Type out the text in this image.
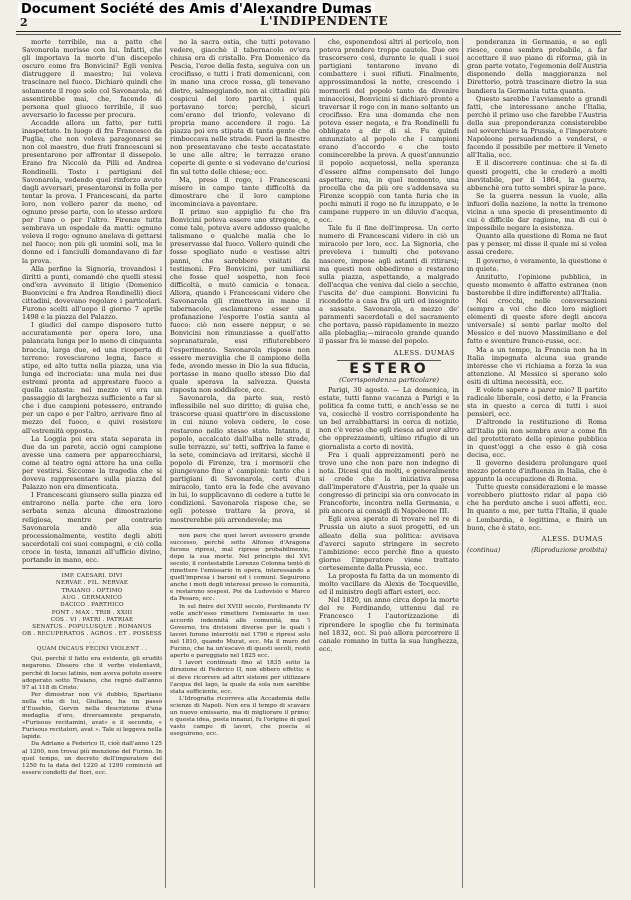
Document Société des Amis d'Alexandre Dumas
2	L'INDIPENDENTE

morte terribile, ma a patto che Savonarola morisse con lui. Infatti, che gli importava la morte d'un discepolo oscuro come fra Bonvicini? Egli veniva distruggere il maestro; lui voleva trascinare nel fuoco. Dichiarò quindi che solamente il rogo solo col Savonarola, né assentirebbe mai, che, facendo di persona quel giuoco terribile, il suo avversario lo facesse per procura.

Accadde allora un fatto, per tutti inaspettato. In luogo di fra Francesco da Puglia, che non voleva paragonarsi se non col maestro, due frati francescani si presentarono per affrontar il dissepolo. Erano fra Niccolò da Pilli ed Andrea Rondinelli. Tosto i partigiani del Savonarola, vedendo quel rinforzo avuto dagli avversari, presentaronsi in folla per tentar la prova. I Francescani, da parte loro, non vollero parer da meno, ed ognuno prese parte, con lo stesso ardore per l'uno o per l'altro. Firenze tutta sembrava un ospedale da matti: ognuno voleva il rogo: ognuno anelava di gettarsi nel fuoco; non più gli uomini soli, ma le donne ed i fanciulli domandavano di far la prova.

Alla perfine la Signoria, trovandosi i diritti a punti, comandò che quelli stessi ond'era avvenuto il litigio (Domenico Buonvicini e fra Andrea Rondinelli) dieci cittadini, dovevano regolare i particolari. Furono scelti all'uopo il giorno 7 aprile 1498 e la piazza del Palazzo.

I giudici del campo disposero tutto accuratamente per opera loro, una palancata lunga per lo meno di cinquanta braccia, larga due, ed una ricoperta di terreno: rovesciarono legna, fasce e stipe, ed alto tutta nella piazza, una via lunga ed incrociata: una mula nei due estremi pronta ad apprestare fuoco a quella catasta: nel mezzo vi era un passaggio di larghezza sufficiente a far sì che i due campioni potessero, entrando per un capo e per l'altro, arrivare fino al mezzo del fuoco, e quivi resistere all'estremità opposta.

La Loggia poi era stata separata in due da un parete, acciò ogni campione avesse una camera per apparecchiarsi, come al teatro ogni attore ha una cella per vestirsi. Siccome la tragedia che si doveva rappresentare sulla piazza del Palazzo non era dimenticata.

I Francescani giunsero sulla piazza ed entrarono nella parte che era loro serbata senza alcuna dimostrazione religiosa, mentre per contrario Savonarola andò alla sua processionalmente, vestito degli abiti sacerdotali coi suoi compagni, e ciò colla croce in testa, innanzi all'ufficio divino, portando in mano, ecc.

IMP. CAESARI. DIVI
NERVAE . FIL. NERVAE
TRAIANO . OPTIMO
AUG . GERMANICO
DACICO . PARTHICO
PONT . MAX . TRIB . XXIII
COS . VI . PATRI . PATRIAE
SENATUS . POPULUSQUE . ROMANUS
OB . RECUPERATOS . AGROS . ET . POSSESS . .
QUAM INCAUS FECINI VIOLENT . .

Qui, perchè il fatto era evidente, gli eruditi negarono. Dissero che il verbo violentavit, perchè di locus latinis, non aveva potuto essere adoperato sotto Traiano, che regnò dall'anno 97 al 118 di Cristo.

Per dimostrar non v'è dubbio, Spartiano nella vita di lui, Giuliano, ha un passo d'Eusebio, Gervin nella descrizione d'una medaglia d'oro, diversamente preparato, «Furisous recitamini, avat» e il secondo, « Furisous recitatori, avat ». Tale si leggeva nella lapide.

Da Adriano a Federico II, cioè dall'anno 125 al 1200, non trovai più menzione del Furino. In quel tempo, un decreto dell'imperatore del 1250 fu la data del 1220 al 1290 cominciò ad essere condotti da' fiori, ecc.

no la sacra ostia, che tutti potevano vedere, giacchè il tabernacolo ov'era chiusa era di cristallo. Fra Domenico da Pescia, l'eroe della festa, seguiva con un crocifisso, e tutti i frati domenicani, con in mano una croce rossa, gli tenevano dietro, salmeggiando, non ai cittadini più cospicui del loro partito, i quali portavano torce; perchè, sicuri com'erano del trionfo, volevano di propria mano accendere il rogo. La piazza poi era stipata di tanta gente che rimboccava nelle strade. Fuori la finestre non presentavano che teste accatastate le une alle altre; le terrazze erano coperte di gente e si vedevano de'curiosi fin sul tetto delle chiese; ecc.

Ma, preso il rogo, i Francescani misero in campo tante difficoltà da dimostrare che il loro campione incominciava a paventare.

Il primo suo appiglio fu che fra Bonvicini poteva essere uno stregone, e, come tale, poteva avere addosso qualche talismano o qualche malia che lo preservasse dal fuoco. Vollero quindi che fosse spogliato nudo e vestisse altri panni, che sarebbero visitati da testimoni. Fra Bonvicini, per umiliarsi che fosse quel sospetto, non fece difficoltà, e mutò camicia e tonaca. Allora, quando i Francescani videro che Savonarola gli rimetteva in mano il tabernacolo, esclamarono esser una profanazione l'esporre l'ostia santa al fuoco: ciò non essere neppur, e se Bonvicini non rinunziasse a quell'atto sopranaturale, essi rifiuterebbero l'esperimento. Savonarola rispose non essere meraviglia che il campione della fede, avendo messo in Dio la sua fiducia, portasse in mano quello stesso Dio dal quale sperava la salvezza. Questa risposta non soddisfece, ecc.

Savonarola, da parte sua, restò inflessibile nel suo diritto; di guisa che, trascorse quasi quattr'ore in discussione in cui niuno voleva cedere, le cose restarono nello stesso stato. Intanto, il popolo, accalcato dall'alba nelle strade, sulle terrazze, su' tetti, soffriva la fame e la sete, cominciava ad irritarsi, sicchè il popolo di Firenze, tra i mormorii che giungevano fino a' campioni: tanto che i partigiani di Savonarola, certi d'un miracolo, tanto era la fede che avevano in lui, lo supplicavano di cedere a tutte le condizioni. Savonarola rispose che, se egli potesse trattare la prova, si mostrerebbe più arrendevole; ma

non pare che quei lavori avessero grande successo, perchè sotto Alfonso d'Aragona furono ripresi, mal riprese probabilmente, dopo la sua morte. Nel principio del XVI secolo, il contestabile Lorenzo Colonna tentò di rimettere l'emissario in opera, interessando a quell'impresa i baroni ed i comuni. Seguirono anche i moti degli interessi presso le comunità, e restarono sospesi. Poi da Ludovisio e Marco da Pesaro, ecc.

In sul finire del XVIII secolo, Ferdinando IV volle anch'esso rimettere l'emissario in uso: accordò indennità alle comunità, ma 'l Governo, tra divisioni diverse per le quali i lavori furono interrotti nel 1790 e ripresi solo nel 1810, quando Murat, ecc. Ma il muro del Fucino, che ha un'escavo di questi secoli, restò aperto e pareggiato nel 1825 ecc.

I lavori continuati fino al 1835 sotto la direzione di Federico II, non ebbero effetto; e si deve ricorrere ad altri sistemi per utilizzare l'acqua del lago, la quale da sola non sarebbe stata sufficiente, ecc.

L'Idrografia ricorreva alla Accademia delle scienze di Napoli. Non era il tempo di scavare un nuovo emissario, ma di migliorare il primo; e questa idea, posta innanzi, fu l'origine di quel vasto campo di lavori, che poscia si eseguirono, ecc.

che, esponendosi altri al pericolo, non poteva prendere troppe cautele. Due ore trascorsero così, durante le quali i suoi partigiani tentarono invano di combattere i suoi rifiuti. Finalmente, approssimandosi la notte, crescendo i mormorii del popolo tanto da divenire minacciosi, Bonvicini si dichiarò pronto a traversar il rogo con in mano soltanto un crocifisso. Era una domanda che non poteva esser negata, e fra Rondinelli fu obbligato a dir di sì. Fu quindi annunziato al popolo che i campioni erano d'accordo e che tosto comincerebbe la prova. A quest'annunzio il popolo acquetossi, nella speranza d'essere alfine compensato del lungo aspettare; ma, in quel momento, una procella che da più ore s'addensava su Firenze scoppiò con tanta furia che in pochi minuti il rogo ne fu inzuppato, e le campane ruppero in un diluvio d'acqua, ecc.

Tale fu il fine dell'impresa. Un certo numero di Francescani videro in ciò un miracolo per loro, ecc. La Signoria, che preveleva i tumulti che potevano nascere, impose agli astanti di ritirarsi; ma questi non obbedirono e restarono sulla piazza, aspettando, a malgrado dell'acqua che veniva dal cielo a secchie, l'uscita de' due campioni. Bonvicini fu ricondotto a casa fra gli urli ed insegnito a sassate. Savonarola, a mezzo de' paramenti sacerdotali e del sacramento che portava, passò rapidamente in mezzo alla plebaglia;—miracolo grande quando il passar fra le masse del popolo.

ALESS. DUMAS
ESTERO
(Corrispondenza particolare)

Parigi, 30 agosto. — La domenica, in estate, tutti fanno vacanza a Parigi e la politica fa come tutti, e anch'essa se ne va, cosicchè il vostro corrispondente ha un bel arrabbattarsi in cerca di notizie, non c'è verso che egli riesca ad aver altro che opprezzamenti, ultimo rifugio di un giornalista a corto di novità.

Fra i quali apprezzamenti però ne trovo uno che non pare non indegno di nota. Dicesi qui da molti, e generalmente si crede che la iniziativa presa dall'imperatore d'Austria, per la quale un congresso di principi sia ora convocato in Francoforte, incontra nella Germania, e più ancora ai consigli di Napoleone III.

Egli avea sperato di trovare nel re di Prussia un aiuto a suoi progetti, ed un alleato della sua politica: avvisava d'averci saputo stringere in secreto l'ambizione: ecco perchè fino a questo giorno l'imperatore viene trattato cortesemente dalla Prussia, ecc.

La proposta fu fatta da un momento di molto vacillare da Alexis de Tocqueville, ed il ministro degli affari esteri, ecc.

Nel 1820, un anno circa dopo la morte del re Ferdinando, uttennu dal re Francesco I l'autorizzazione di riprendere le spoglie che fu terminata nel 1832, ecc. Si può allora percorrere il canale romano in tutta la sua lunghezza, ecc.

ponderanza in Germania, e se egli riesce, come sembra probabile, a far accettare il suo piano di riforma, già in gran parte votato, l'egemonia dell'Austria disponendo della maggioranza nel Direttorio, potrà trascinare dietro la sua bandiera la Germania tutta quanta.

Questo sarebbe l'avviamento a grandi fatti, che interessano anche l'Italia, perchè il primo uso che farebbe l'Austria della sua preponderanza consisterebbe nel soverchiare la Prussia, e l'imperatore Napoleone persuadendo a vendersi, e facendo il possibile per mettere il Veneto all'Italia, ecc.

E il discorrere continua: che si fa di questi progetti, che le crederò a molti inevitabile, per il 1864, la guerra, abbenchè ora tutto sembri spirar la pace.

Se la guerra nessun la vuole, alla infuori della nazione, la notte la tremono vicina a una specie di presentimento di cui è difficile dar ragione, ma di cui è impossibile negare la esistenza.

Quanto alla questione di Roma ne faut pas y penser, mi disse il quale mi si volea assai credere.

Il governo, è veramente, la questione è in quiete.

Anzitutto, l'opinione pubblica, in questo momento è affatto estranea (non basterebbe il dire indifferente) all'Italia.

Nei crocchi, nelle conversazioni (sempre a voi che dico loro migliori elementi di queste sfere degli ancora universale) si sente parlar molto del Messico e del nuovo Massimiliano e del fatto e sventure franco-russe, ecc.

Ma a un tempo, la Francia non ha in Italia impegnata alcuna sua grande interesse che vi richiama a forza la sua attenzione. Al Messico si sperano solo esiti di ultima necessità, ecc.

E volete sapere a parer mio? Il partito radicale liberale, così detto, e la Francia sta in questo a cerca di tutti i suoi pensieri, ecc.

D'altronde la restituzione di Roma all'Italia più non sembra aver a come fin del protettorato della opinione pubblica in quest'oggi a che esso è già cosa decisa, ecc.

Il governo desidera prolungare quel mezzo potente d'influenza in Italia, che è appunto la occupazione di Roma.

Tutte queste considerazioni e le masse vorrebbero piuttosto ridar al papa ciò che ha perduto anche i suoi affetti, ecc. In quanto a me, per tutta l'Italia, il quale e Lombardia, è legittima, e finirà un buon, che è stato, ecc.

ALESS. DUMAS
(continua)	(Riproduzione proibita)
